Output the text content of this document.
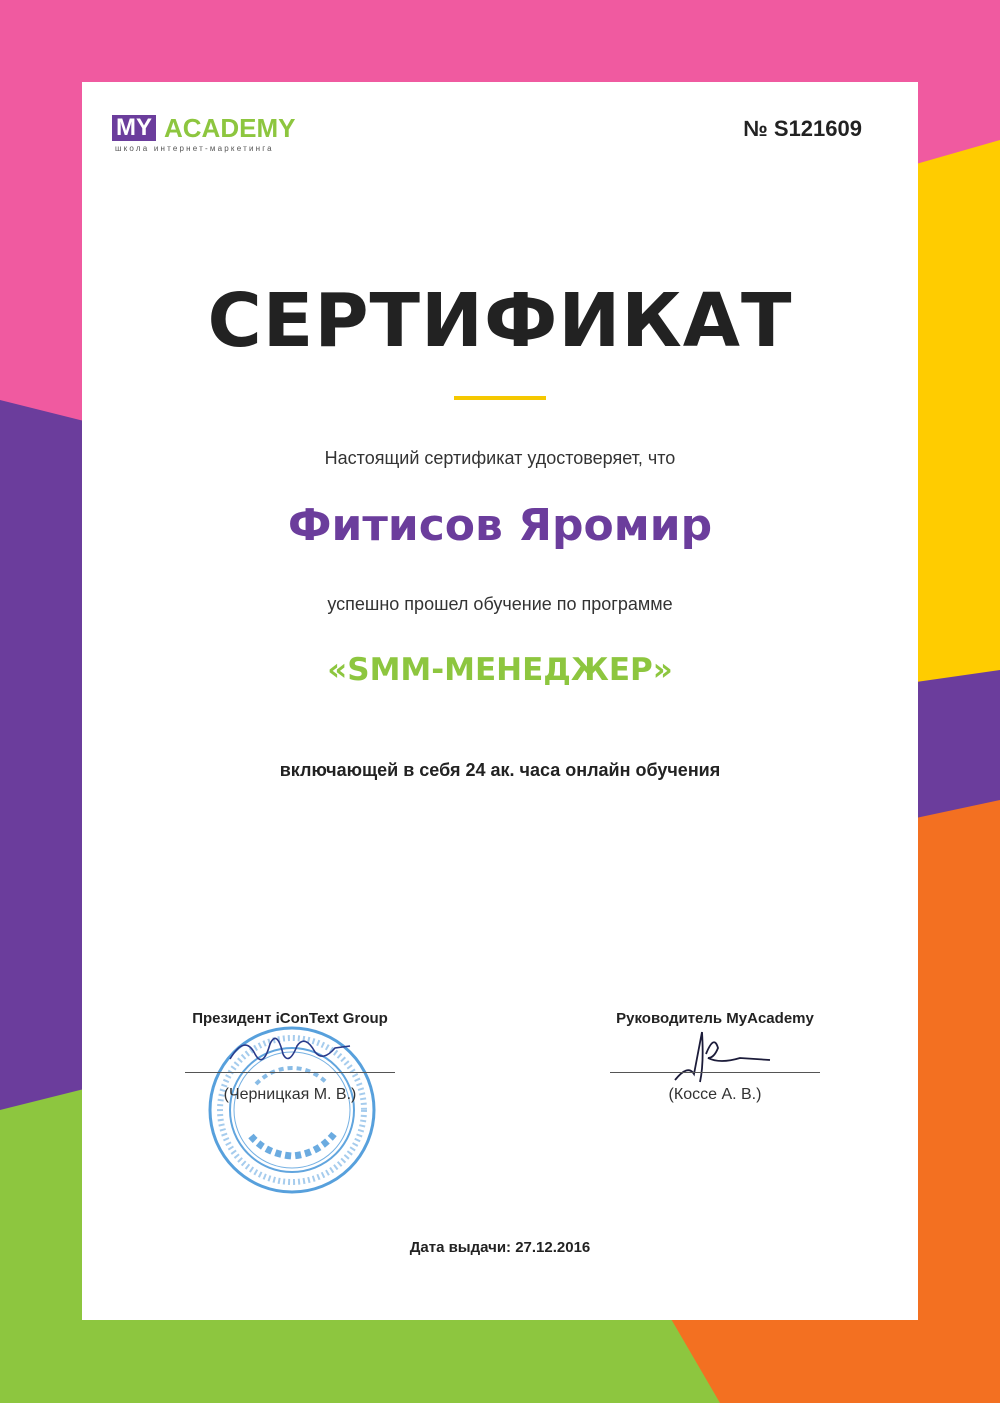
MY ACADEMY
школа интернет-маркетинга
№ S121609
СЕРТИФИКАТ
Настоящий сертификат удостоверяет, что
Фитисов Яромир
успешно прошел обучение по программе
«SMM-МЕНЕДЖЕР»
включающей в себя 24 ак. часа онлайн обучения
Президент iConText Group
(Черницкая М. В.)
Руководитель MyAcademy
(Коссе А. В.)
Дата выдачи: 27.12.2016
